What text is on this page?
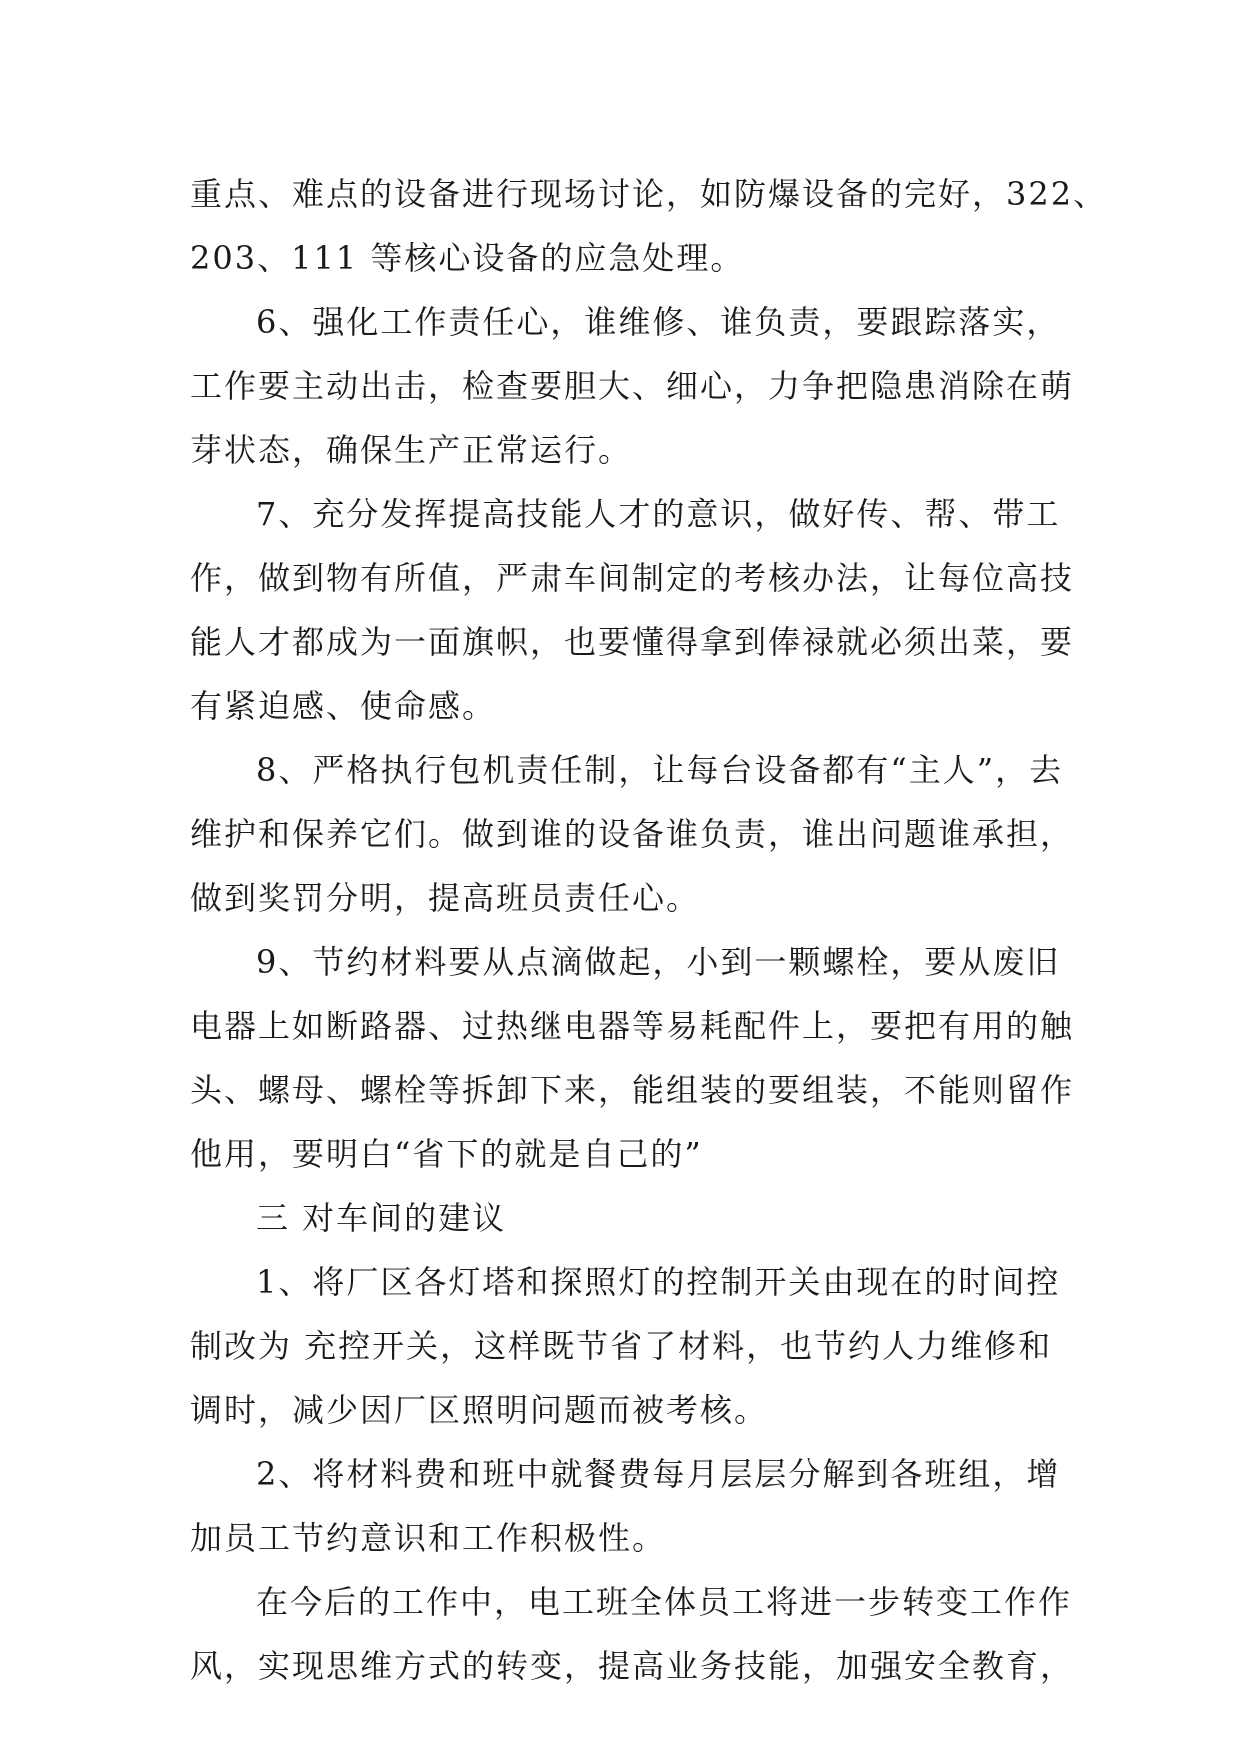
重点、难点的设备进行现场讨论，如防爆设备的完好，322、
203、111 等核心设备的应急处理。
6、强化工作责任心，谁维修、谁负责，要跟踪落实，
工作要主动出击，检查要胆大、细心，力争把隐患消除在萌
芽状态，确保生产正常运行。
7、充分发挥提高技能人才的意识，做好传、帮、带工
作，做到物有所值，严肃车间制定的考核办法，让每位高技
能人才都成为一面旗帜，也要懂得拿到俸禄就必须出菜，要
有紧迫感、使命感。
8、严格执行包机责任制，让每台设备都有“主人”，去
维护和保养它们。做到谁的设备谁负责，谁出问题谁承担，
做到奖罚分明，提高班员责任心。
9、节约材料要从点滴做起，小到一颗螺栓，要从废旧
电器上如断路器、过热继电器等易耗配件上，要把有用的触
头、螺母、螺栓等拆卸下来，能组装的要组装，不能则留作
他用，要明白“省下的就是自己的”
三 对车间的建议
1、将厂区各灯塔和探照灯的控制开关由现在的时间控
制改为 充控开关，这样既节省了材料，也节约人力维修和
调时，减少因厂区照明问题而被考核。
2、将材料费和班中就餐费每月层层分解到各班组，增
加员工节约意识和工作积极性。
在今后的工作中，电工班全体员工将进一步转变工作作
风，实现思维方式的转变，提高业务技能，加强安全教育，
